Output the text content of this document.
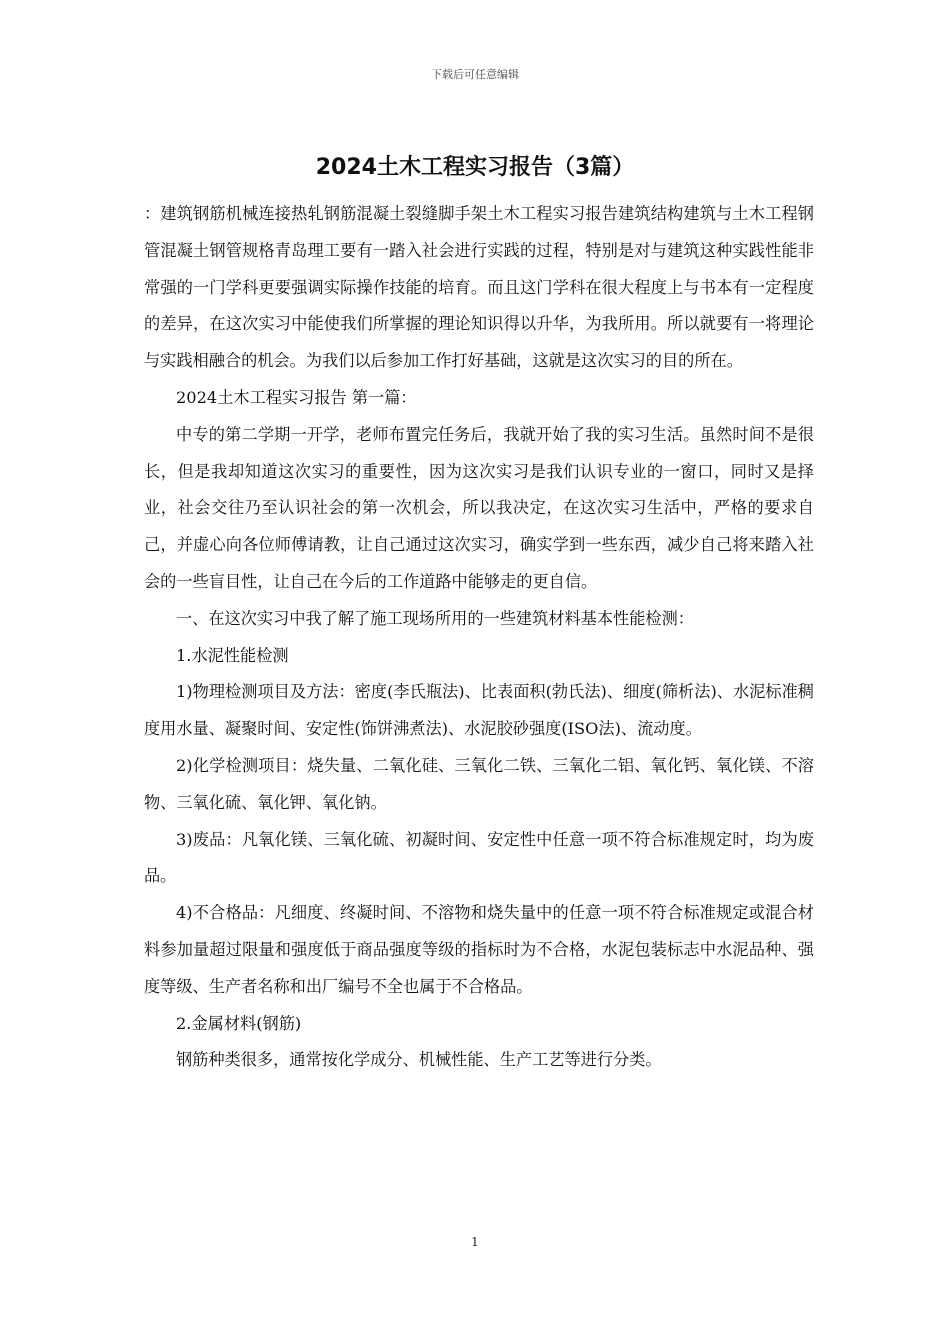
下载后可任意编辑
2024土木工程实习报告（3篇）

：建筑钢筋机械连接热轧钢筋混凝土裂缝脚手架土木工程实习报告建筑结构建筑与土木工程钢管混凝土钢管规格青岛理工要有一踏入社会进行实践的过程，特别是对与建筑这种实践性能非常强的一门学科更要强调实际操作技能的培育。而且这门学科在很大程度上与书本有一定程度的差异，在这次实习中能使我们所掌握的理论知识得以升华，为我所用。所以就要有一将理论与实践相融合的机会。为我们以后参加工作打好基础，这就是这次实习的目的所在。

2024土木工程实习报告 第一篇：

中专的第二学期一开学，老师布置完任务后，我就开始了我的实习生活。虽然时间不是很长，但是我却知道这次实习的重要性，因为这次实习是我们认识专业的一窗口，同时又是择业，社会交往乃至认识社会的第一次机会，所以我决定，在这次实习生活中，严格的要求自己，并虚心向各位师傅请教，让自己通过这次实习，确实学到一些东西，减少自己将来踏入社会的一些盲目性，让自己在今后的工作道路中能够走的更自信。

一、在这次实习中我了解了施工现场所用的一些建筑材料基本性能检测：

1.水泥性能检测

1)物理检测项目及方法：密度(李氏瓶法)、比表面积(勃氏法)、细度(筛析法)、水泥标准稠度用水量、凝聚时间、安定性(饰饼沸煮法)、水泥胶砂强度(ISO法)、流动度。

2)化学检测项目：烧失量、二氧化硅、三氧化二铁、三氧化二铝、氧化钙、氧化镁、不溶物、三氧化硫、氧化钾、氧化钠。

3)废品：凡氧化镁、三氧化硫、初凝时间、安定性中任意一项不符合标准规定时，均为废品。

4)不合格品：凡细度、终凝时间、不溶物和烧失量中的任意一项不符合标准规定或混合材料参加量超过限量和强度低于商品强度等级的指标时为不合格，水泥包装标志中水泥品种、强度等级、生产者名称和出厂编号不全也属于不合格品。

2.金属材料(钢筋)

钢筋种类很多，通常按化学成分、机械性能、生产工艺等进行分类。

1
